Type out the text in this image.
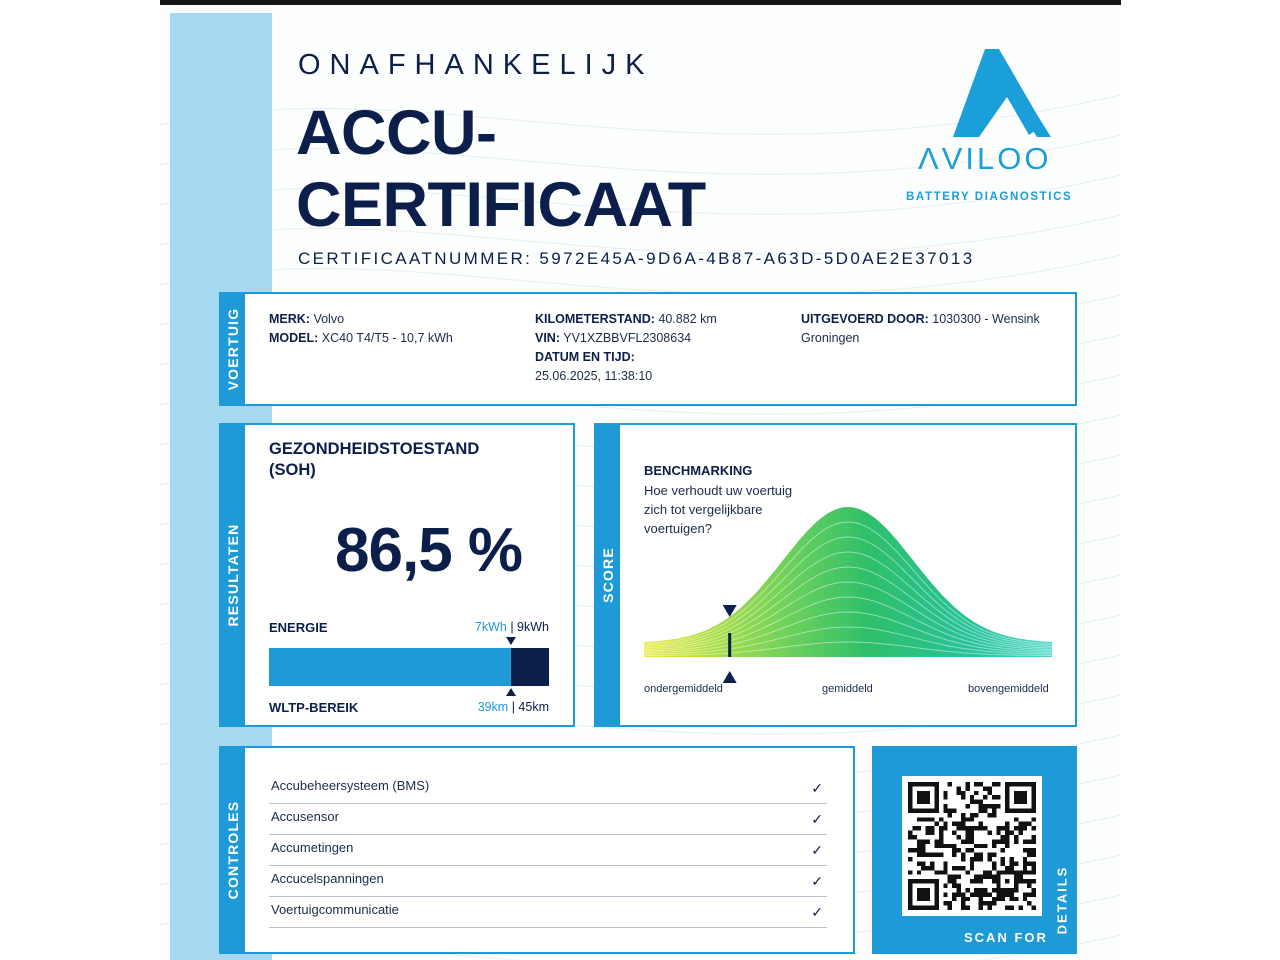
ONAFHANKELIJK
ACCU-
CERTIFICAAT
CERTIFICAATNUMMER: 5972E45A-9D6A-4B87-A63D-5D0AE2E37013
ΛVILOO
BATTERY DIAGNOSTICS
VOERTUIG MERK: Volvo
MODEL: XC40 T4/T5 - 10,7 kWh
KILOMETERSTAND: 40.882 km
VIN: YV1XZBBVFL2308634
DATUM EN TIJD:
25.06.2025, 11:38:10
UITGEVOERD DOOR: 1030300 - Wensink
Groningen
RESULTATEN
GEZONDHEIDSTOESTAND
(SOH)
86,5 %
ENERGIE	7kWh | 9kWh
WLTP-BEREIK	39km | 45km
SCORE
BENCHMARKING
Hoe verhoudt uw voertuig zich tot vergelijkbare voertuigen?
ondergemiddeld	gemiddeld	bovengemiddeld
CONTROLES
Accubeheersysteem (BMS)	✓
Accusensor	✓
Accumetingen	✓
Accucelspanningen	✓
Voertuigcommunicatie	✓
SCAN FOR
DETAILS
